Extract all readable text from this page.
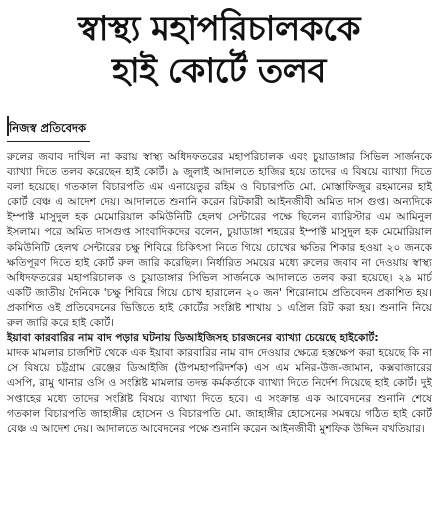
স্বাস্থ্য মহাপরিচালককে
হাই কোর্টে তলব
নিজস্ব প্রতিবেদক

রুলের জবাব দাখিল না করায় স্বাস্থ্য অধিদফতরের মহাপরিচালক এবং চুয়াডাঙ্গার সিভিল সার্জনকে ব্যাখ্যা দিতে তলব করেছেন হাই কোর্ট। ৯ জুলাই আদালতে হাজির হয়ে তাদের এ বিষয়ে ব্যাখ্যা দিতে বলা হয়েছে। গতকাল বিচারপতি এম এনায়েতুর রহিম ও বিচারপতি মো. মোস্তাফিজুর রহমানের হাই কোর্ট বেঞ্চ এ আদেশ দেয়। আদালতে শুনানি করেন রিটকারী আইনজীবী অমিত দাস গুপ্ত। অন্যদিকে ইম্পাক্ট মাসুদুল হক মেমোরিয়াল কমিউনিটি হেলথ সেন্টারের পক্ষে ছিলেন ব্যারিস্টার এম আমিনুল ইসলাম। পরে অমিত দাসগুপ্ত সাংবাদিকদের বলেন, চুয়াডাঙ্গা শহরের ইম্পাক্ট মাসুদুল হক মেমোরিয়াল কমিউনিটি হেলথ সেন্টারের চক্ষু শিবিরে চিকিৎসা নিতে গিয়ে চোখের ক্ষতির শিকার হওয়া ২০ জনকে ক্ষতিপূরণ দিতে হাই কোর্ট রুল জারি করেছিল। নির্ধারিত সময়ের মধ্যে রুলের জবাব না দেওয়ায় স্বাস্থ্য অধিদফতরের মহাপরিচালক ও চুয়াডাঙ্গার সিভিল সার্জনকে আদালতে তলব করা হয়েছে। ২৯ মার্চ একটি জাতীয় দৈনিকে 'চক্ষু শিবিরে গিয়ে চোখ হারালেন ২০ জন' শিরোনামে প্রতিবেদন প্রকাশিত হয়। প্রকাশিত ওই প্রতিবেদনের ভিত্তিতে হাই কোর্টের সংশ্লিষ্ট শাখায় ১ এপ্রিল রিট করা হয়। শুনানি নিয়ে রুল জারি করে হাই কোর্ট।

ইয়াবা কারবারির নাম বাদ পড়ার ঘটনায় ডিআইজিসহ চারজনের ব্যাখ্যা চেয়েছে হাইকোর্ট:

মাদক মামলার চার্জশিট থেকে এক ইয়াবা কারবারির নাম বাদ দেওয়ার ক্ষেত্রে হস্তক্ষেপ করা হয়েছে কি না সে বিষয়ে চট্টগ্রাম রেঞ্জের ডিআইজি (উপমহাপরিদর্শক) এস এম মনির-উজ-জামান, কক্সবাজারের এসপি, রামু থানার ওসি ও সংশ্লিষ্ট মামলার তদন্ত কর্মকর্তাকে ব্যাখ্যা দিতে নির্দেশ দিয়েছে হাই কোর্ট। দুই সপ্তাহের মধ্যে তাদের সংশ্লিষ্ট বিষয়ে ব্যাখ্যা দিতে হবে। এ সংক্রান্ত এক আবেদনের শুনানি শেষে গতকাল বিচারপতি জাহাঙ্গীর হোসেন ও বিচারপতি মো. জাহাঙ্গীর হোসেনের সমন্বয়ে গঠিত হাই কোর্ট বেঞ্চ এ আদেশ দেয়। আদালতে আবেদনের পক্ষে শুনানি করেন আইনজীবী মুশফিক উদ্দিন বখতিয়ার।
